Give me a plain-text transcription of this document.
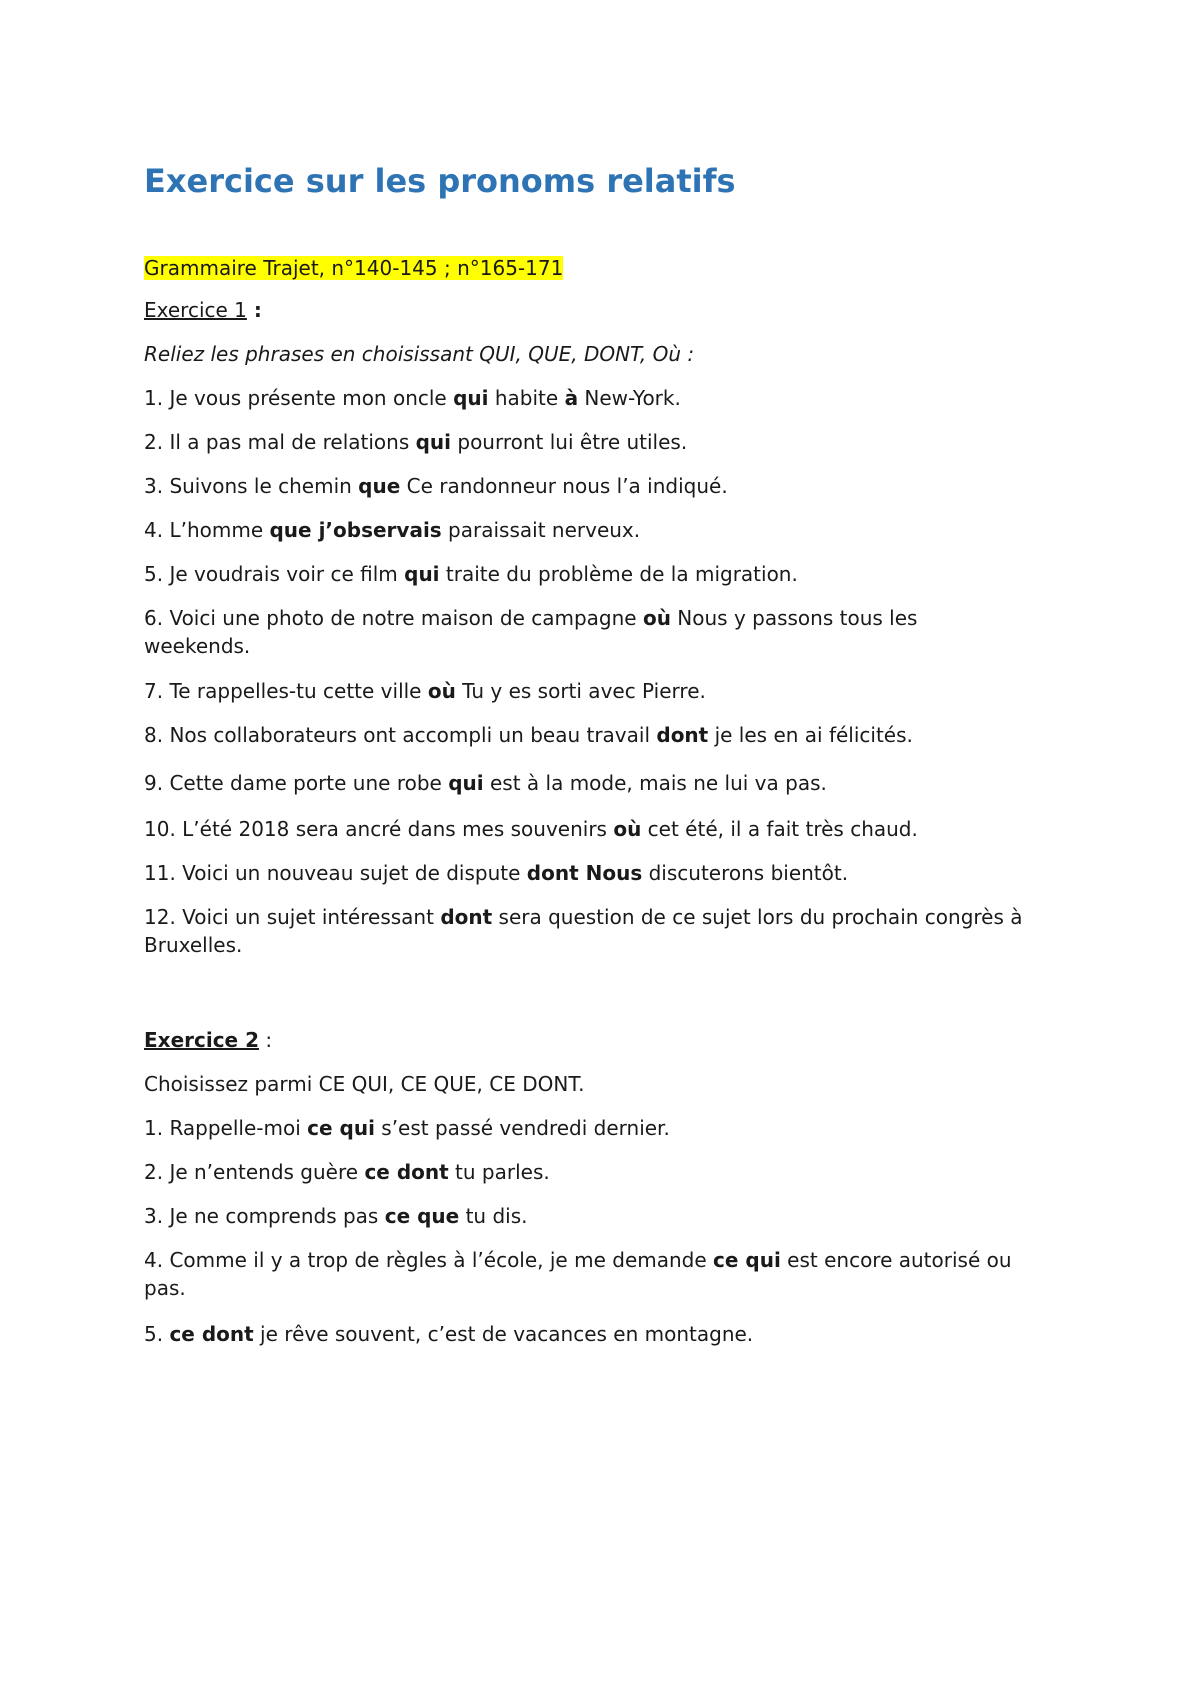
Exercice sur les pronoms relatifs

Grammaire Trajet, n°140-145 ; n°165-171

Exercice 1 :

Reliez les phrases en choisissant QUI, QUE, DONT, Où :

1. Je vous présente mon oncle qui habite à New-York.

2. Il a pas mal de relations qui pourront lui être utiles.

3. Suivons le chemin que Ce randonneur nous l’a indiqué.

4. L’homme que j’observais paraissait nerveux.

5. Je voudrais voir ce film qui traite du problème de la migration.

6. Voici une photo de notre maison de campagne où Nous y passons tous les weekends.

7. Te rappelles-tu cette ville où Tu y es sorti avec Pierre.

8. Nos collaborateurs ont accompli un beau travail dont je les en ai félicités.

9. Cette dame porte une robe qui est à la mode, mais ne lui va pas.

10. L’été 2018 sera ancré dans mes souvenirs où cet été, il a fait très chaud.

11. Voici un nouveau sujet de dispute dont Nous discuterons bientôt.

12. Voici un sujet intéressant dont sera question de ce sujet lors du prochain congrès à Bruxelles.

Exercice 2 :

Choisissez parmi CE QUI, CE QUE, CE DONT.

1. Rappelle-moi ce qui s’est passé vendredi dernier.

2. Je n’entends guère ce dont tu parles.

3. Je ne comprends pas ce que tu dis.

4. Comme il y a trop de règles à l’école, je me demande ce qui est encore autorisé ou pas.

5. ce dont je rêve souvent, c’est de vacances en montagne.
